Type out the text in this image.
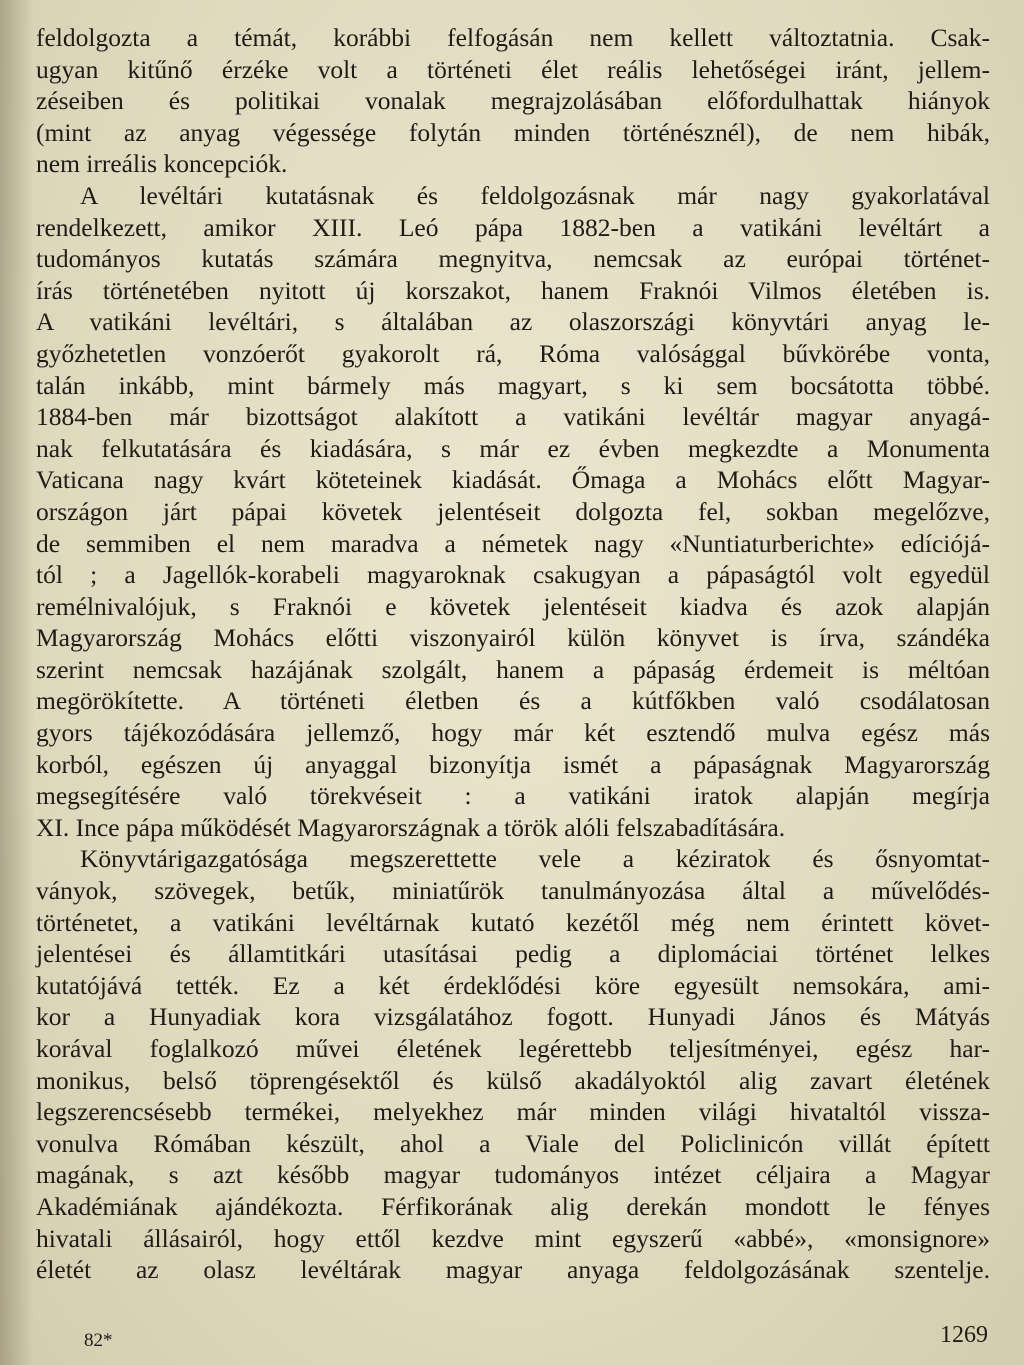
feldolgozta a témát, korábbi felfogásán nem kellett változtatnia. Csak-
ugyan kitűnő érzéke volt a történeti élet reális lehetőségei iránt, jellem-
zéseiben és politikai vonalak megrajzolásában előfordulhattak hiányok
(mint az anyag végessége folytán minden történésznél), de nem hibák,
nem irreális koncepciók.
A levéltári kutatásnak és feldolgozásnak már nagy gyakorlatával
rendelkezett, amikor XIII. Leó pápa 1882-ben a vatikáni levéltárt a
tudományos kutatás számára megnyitva, nemcsak az európai történet-
írás történetében nyitott új korszakot, hanem Fraknói Vilmos életében is.
A vatikáni levéltári, s általában az olaszországi könyvtári anyag le-
győzhetetlen vonzóerőt gyakorolt rá, Róma valósággal bűvkörébe vonta,
talán inkább, mint bármely más magyart, s ki sem bocsátotta többé.
1884-ben már bizottságot alakított a vatikáni levéltár magyar anyagá-
nak felkutatására és kiadására, s már ez évben megkezdte a Monumenta
Vaticana nagy kvárt köteteinek kiadását. Őmaga a Mohács előtt Magyar-
országon járt pápai követek jelentéseit dolgozta fel, sokban megelőzve,
de semmiben el nem maradva a németek nagy «Nuntiaturberichte» edíciójá-
tól ; a Jagellók-korabeli magyaroknak csakugyan a pápaságtól volt egyedül
remélnivalójuk, s Fraknói e követek jelentéseit kiadva és azok alapján
Magyarország Mohács előtti viszonyairól külön könyvet is írva, szándéka
szerint nemcsak hazájának szolgált, hanem a pápaság érdemeit is méltóan
megörökítette. A történeti életben és a kútfőkben való csodálatosan
gyors tájékozódására jellemző, hogy már két esztendő mulva egész más
korból, egészen új anyaggal bizonyítja ismét a pápaságnak Magyarország
megsegítésére való törekvéseit : a vatikáni iratok alapján megírja
XI. Ince pápa működését Magyarországnak a török alóli felszabadítására.
Könyvtárigazgatósága megszerettette vele a kéziratok és ősnyomtat-
ványok, szövegek, betűk, miniatűrök tanulmányozása által a művelődés-
történetet, a vatikáni levéltárnak kutató kezétől még nem érintett követ-
jelentései és államtitkári utasításai pedig a diplomáciai történet lelkes
kutatójává tették. Ez a két érdeklődési köre egyesült nemsokára, ami-
kor a Hunyadiak kora vizsgálatához fogott. Hunyadi János és Mátyás
korával foglalkozó művei életének legérettebb teljesítményei, egész har-
monikus, belső töprengésektől és külső akadályoktól alig zavart életének
legszerencsésebb termékei, melyekhez már minden világi hivataltól vissza-
vonulva Rómában készült, ahol a Viale del Policlinicón villát épített
magának, s azt később magyar tudományos intézet céljaira a Magyar
Akadémiának ajándékozta. Férfikorának alig derekán mondott le fényes
hivatali állásairól, hogy ettől kezdve mint egyszerű «abbé», «monsignore»
életét az olasz levéltárak magyar anyaga feldolgozásának szentelje.
82*	1269
